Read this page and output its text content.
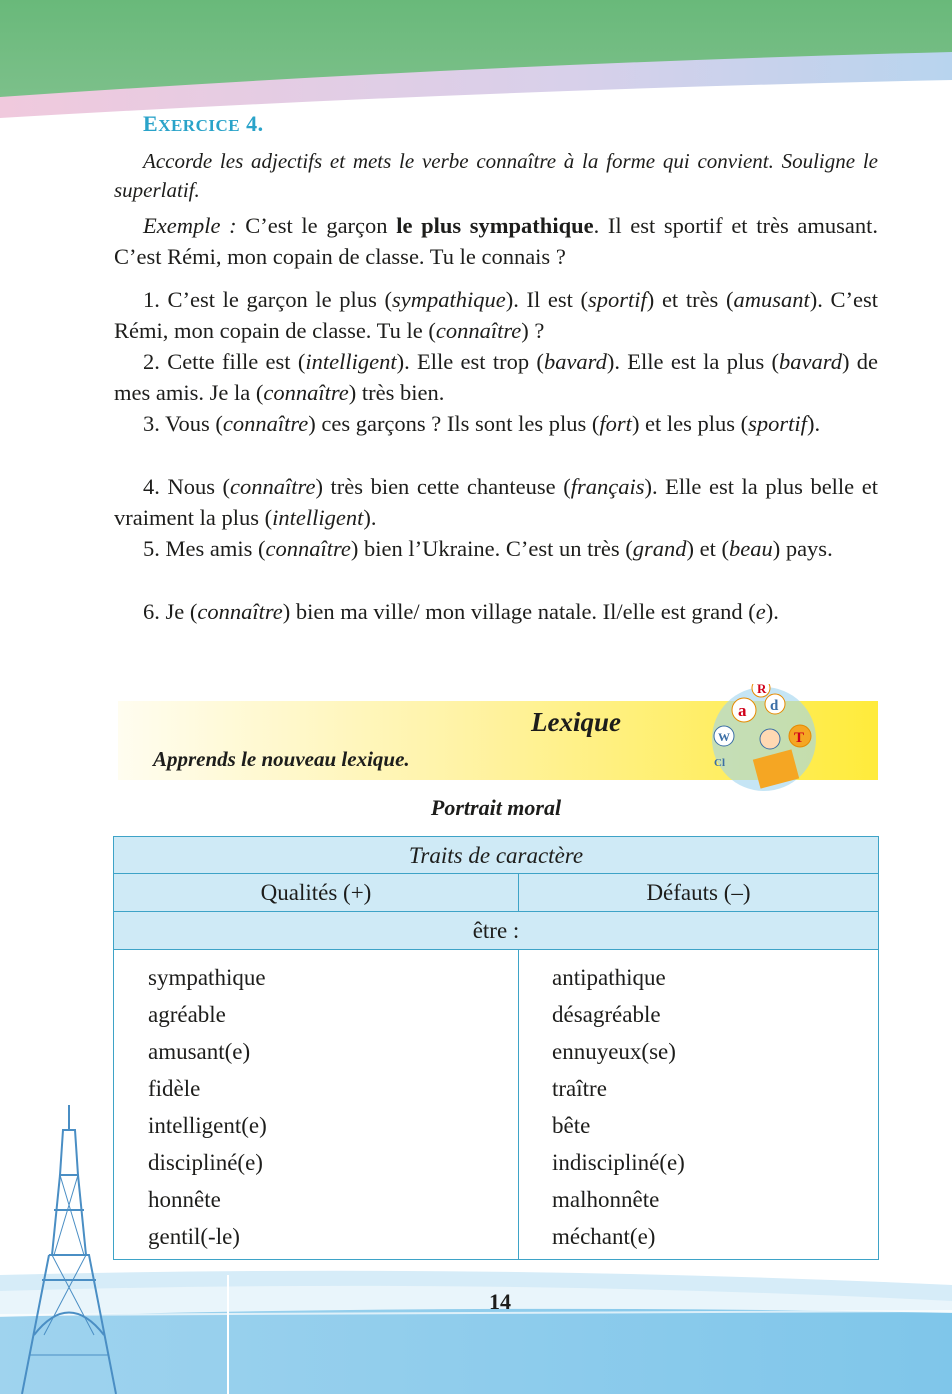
EXERCICE 4.
Accorde les adjectifs et mets le verbe connaître à la forme qui convient. Souligne le superlatif.

Exemple : C’est le garçon le plus sympathique. Il est sportif et très amusant. C’est Rémi, mon copain de classe. Tu le connais ?

1. C’est le garçon le plus (sympathique). Il est (sportif) et très (amusant). C’est Rémi, mon copain de classe. Tu le (connaître) ?

2. Cette fille est (intelligent). Elle est trop (bavard). Elle est la plus (bavard) de mes amis. Je la (connaître) très bien.

3. Vous (connaître) ces garçons ? Ils sont les plus (fort) et les plus (sportif).

4. Nous (connaître) très bien cette chanteuse (français). Elle est la plus belle et vraiment la plus (intelligent).

5. Mes amis (connaître) bien l’Ukraine. C’est un très (grand) et (beau) pays.

6. Je (connaître) bien ma ville/ mon village natale. Il/elle est grand (e).

Lexique
Apprends le nouveau lexique.
R
a d
W	T
Cl
Portrait moral
Traits de caractère
Qualités (+)	Défauts (–)
être :
sympathique
agréable
amusant(e)
fidèle
intelligent(e)
discipliné(e)
honnête
gentil(-le)
antipathique
désagréable
ennuyeux(se)
traître
bête
indiscipliné(e)
malhonnête
méchant(e)
14
